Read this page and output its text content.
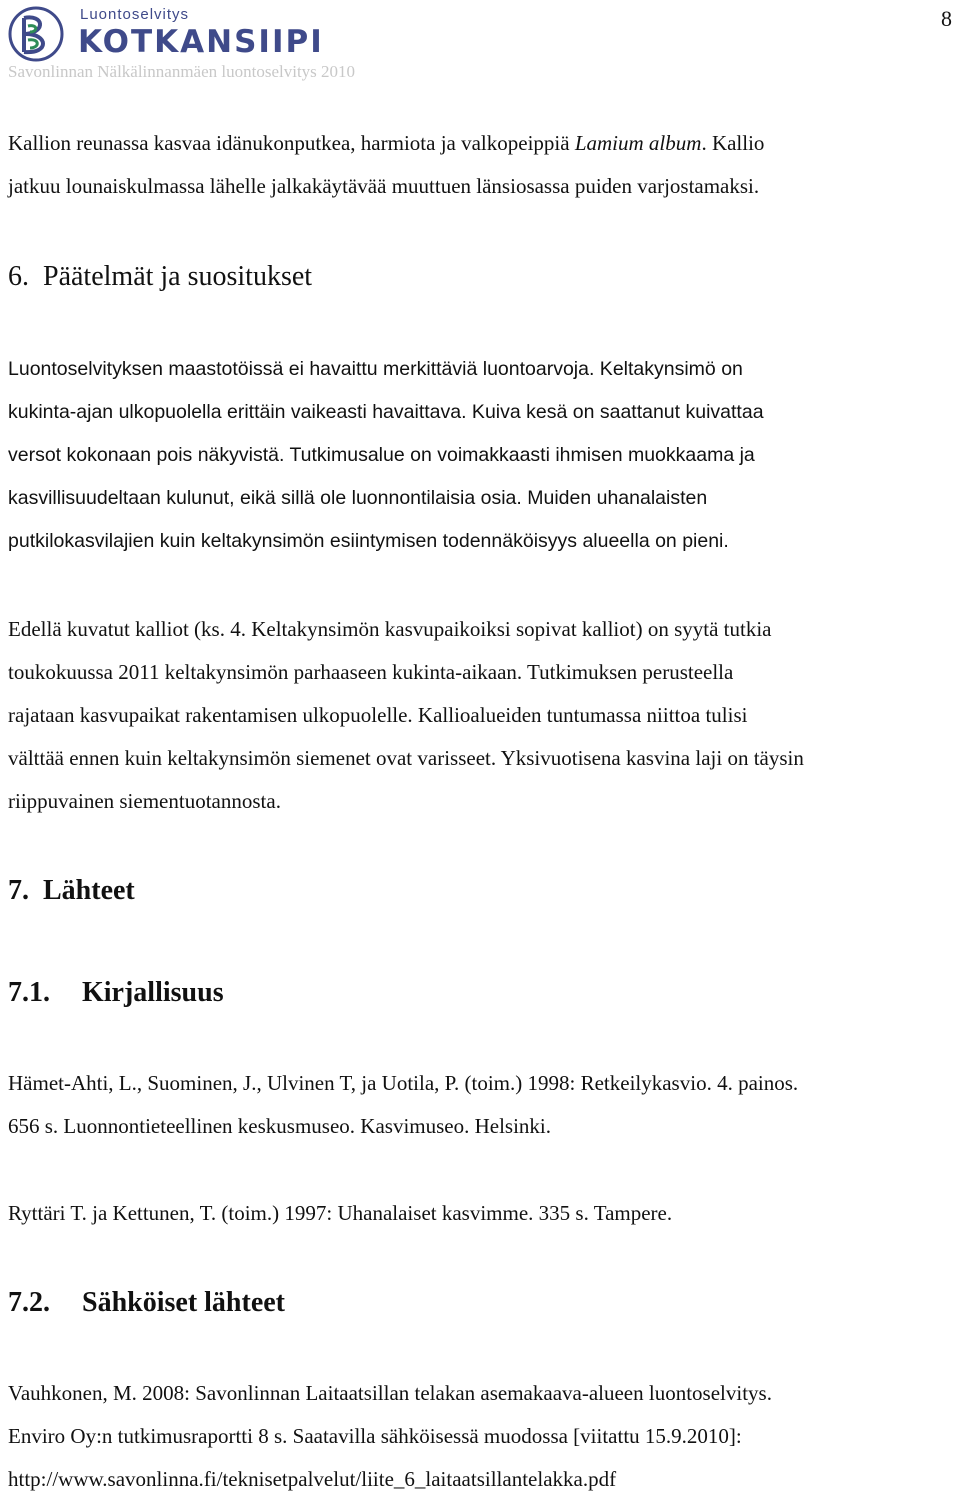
Luontoselvitys
KOTKANSIIPI
Savonlinnan Nälkälinnanmäen luontoselvitys 2010
8

Kallion reunassa kasvaa idänukonputkea, harmiota ja valkopeippiä Lamium album. Kallio
jatkuu lounaiskulmassa lähelle jalkakäytävää muuttuen länsiosassa puiden varjostamaksi.

6. Päätelmät ja suositukset

Luontoselvityksen maastotöissä ei havaittu merkittäviä luontoarvoja. Keltakynsimö on
kukinta-ajan ulkopuolella erittäin vaikeasti havaittava. Kuiva kesä on saattanut kuivattaa
versot kokonaan pois näkyvistä. Tutkimusalue on voimakkaasti ihmisen muokkaama ja
kasvillisuudeltaan kulunut, eikä sillä ole luonnontilaisia osia. Muiden uhanalaisten
putkilokasvilajien kuin keltakynsimön esiintymisen todennäköisyys alueella on pieni.

Edellä kuvatut kalliot (ks. 4. Keltakynsimön kasvupaikoiksi sopivat kalliot) on syytä tutkia
toukokuussa 2011 keltakynsimön parhaaseen kukinta-aikaan. Tutkimuksen perusteella
rajataan kasvupaikat rakentamisen ulkopuolelle. Kallioalueiden tuntumassa niittoa tulisi
välttää ennen kuin keltakynsimön siemenet ovat varisseet. Yksivuotisena kasvina laji on täysin
riippuvainen siementuotannosta.

7. Lähteet
7.1. Kirjallisuus

Hämet-Ahti, L., Suominen, J., Ulvinen T, ja Uotila, P. (toim.) 1998: Retkeilykasvio. 4. painos.
656 s. Luonnontieteellinen keskusmuseo. Kasvimuseo. Helsinki.

Ryttäri T. ja Kettunen, T. (toim.) 1997: Uhanalaiset kasvimme. 335 s. Tampere.

7.2. Sähköiset lähteet

Vauhkonen, M. 2008: Savonlinnan Laitaatsillan telakan asemakaava-alueen luontoselvitys.
Enviro Oy:n tutkimusraportti 8 s. Saatavilla sähköisessä muodossa [viitattu 15.9.2010]:
http://www.savonlinna.fi/teknisetpalvelut/liite_6_laitaatsillantelakka.pdf
